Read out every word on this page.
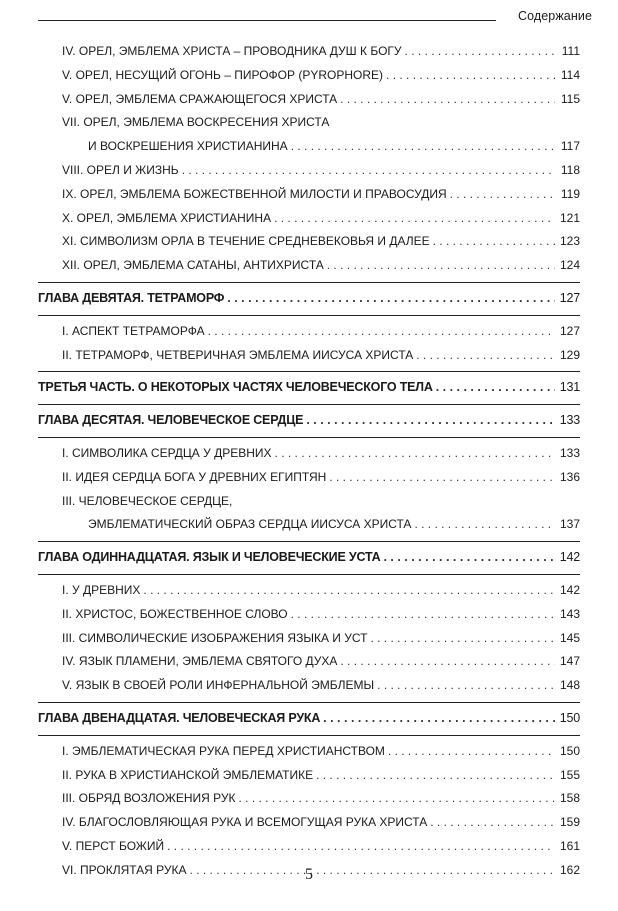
Содержание
IV. ОРЕЛ, ЭМБЛЕМА ХРИСТА – ПРОВОДНИКА ДУШ К БОГУ . . .	111
V. ОРЕЛ, НЕСУЩИЙ ОГОНЬ – ПИРОФОР (PYROPHORE) . . .	114
V. ОРЕЛ, ЭМБЛЕМА СРАЖАЮЩЕГОСЯ ХРИСТА . . .	115
VII. ОРЕЛ, ЭМБЛЕМА ВОСКРЕСЕНИЯ ХРИСТА
И ВОСКРЕШЕНИЯ ХРИСТИАНИНА . . .	117
VIII. ОРЕЛ И ЖИЗНЬ . . .	118
IX. ОРЕЛ, ЭМБЛЕМА БОЖЕСТВЕННОЙ МИЛОСТИ И ПРАВОСУДИЯ . . .	119
X. ОРЕЛ, ЭМБЛЕМА ХРИСТИАНИНА . . .	121
XI. СИМВОЛИЗМ ОРЛА В ТЕЧЕНИЕ СРЕДНЕВЕКОВЬЯ И ДАЛЕЕ . . .	123
XII. ОРЕЛ, ЭМБЛЕМА САТАНЫ, АНТИХРИСТА . . .	124
ГЛАВА ДЕВЯТАЯ. ТЕТРАМОРФ . . .	127
I. АСПЕКТ ТЕТРАМОРФА . . .	127
II. ТЕТРАМОРФ, ЧЕТВЕРИЧНАЯ ЭМБЛЕМА ИИСУСА ХРИСТА . . .	129
ТРЕТЬЯ ЧАСТЬ. О НЕКОТОРЫХ ЧАСТЯХ ЧЕЛОВЕЧЕСКОГО ТЕЛА . . .	131
ГЛАВА ДЕСЯТАЯ. ЧЕЛОВЕЧЕСКОЕ СЕРДЦЕ . . .	133
I. СИМВОЛИКА СЕРДЦА У ДРЕВНИХ . . .	133
II. ИДЕЯ СЕРДЦА БОГА У ДРЕВНИХ ЕГИПТЯН . . .	136
III. ЧЕЛОВЕЧЕСКОЕ СЕРДЦЕ,
ЭМБЛЕМАТИЧЕСКИЙ ОБРАЗ СЕРДЦА ИИСУСА ХРИСТА . . .	137
ГЛАВА ОДИННАДЦАТАЯ. ЯЗЫК И ЧЕЛОВЕЧЕСКИЕ УСТА . . .	142
I. У ДРЕВНИХ . . .	142
II. ХРИСТОС, БОЖЕСТВЕННОЕ СЛОВО . . .	143
III. СИМВОЛИЧЕСКИЕ ИЗОБРАЖЕНИЯ ЯЗЫКА И УСТ . . .	145
IV. ЯЗЫК ПЛАМЕНИ, ЭМБЛЕМА СВЯТОГО ДУХА . . .	147
V. ЯЗЫК В СВОЕЙ РОЛИ ИНФЕРНАЛЬНОЙ ЭМБЛЕМЫ . . .	148
ГЛАВА ДВЕНАДЦАТАЯ. ЧЕЛОВЕЧЕСКАЯ РУКА . . .	150
I. ЭМБЛЕМАТИЧЕСКАЯ РУКА ПЕРЕД ХРИСТИАНСТВОМ . . .	150
II. РУКА В ХРИСТИАНСКОЙ ЭМБЛЕМАТИКЕ . . .	155
III. ОБРЯД ВОЗЛОЖЕНИЯ РУК . . .	158
IV. БЛАГОСЛОВЛЯЮЩАЯ РУКА И ВСЕМОГУЩАЯ РУКА ХРИСТА . . .	159
V. ПЕРСТ БОЖИЙ . . .	161
VI. ПРОКЛЯТАЯ РУКА . . .	162
5
